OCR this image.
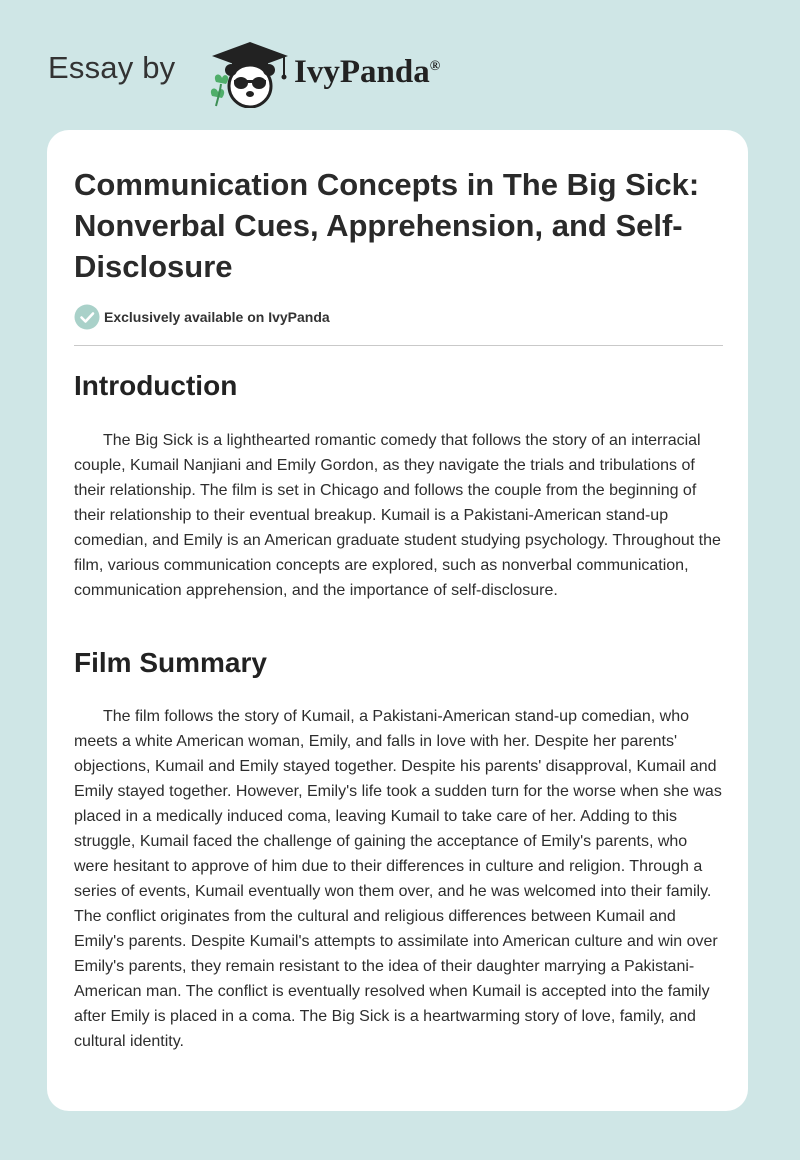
Essay by	IvyPanda®
Communication Concepts in The Big Sick: Nonverbal Cues, Apprehension, and Self-Disclosure
Exclusively available on IvyPanda
Introduction

The Big Sick is a lighthearted romantic comedy that follows the story of an interracial couple, Kumail Nanjiani and Emily Gordon, as they navigate the trials and tribulations of their relationship. The film is set in Chicago and follows the couple from the beginning of their relationship to their eventual breakup. Kumail is a Pakistani-American stand-up comedian, and Emily is an American graduate student studying psychology. Throughout the film, various communication concepts are explored, such as nonverbal communication, communication apprehension, and the importance of self-disclosure.

Film Summary

The film follows the story of Kumail, a Pakistani-American stand-up comedian, who meets a white American woman, Emily, and falls in love with her. Despite her parents' objections, Kumail and Emily stayed together. Despite his parents' disapproval, Kumail and Emily stayed together. However, Emily's life took a sudden turn for the worse when she was placed in a medically induced coma, leaving Kumail to take care of her. Adding to this struggle, Kumail faced the challenge of gaining the acceptance of Emily's parents, who were hesitant to approve of him due to their differences in culture and religion. Through a series of events, Kumail eventually won them over, and he was welcomed into their family. The conflict originates from the cultural and religious differences between Kumail and Emily's parents. Despite Kumail's attempts to assimilate into American culture and win over Emily's parents, they remain resistant to the idea of their daughter marrying a Pakistani-American man. The conflict is eventually resolved when Kumail is accepted into the family after Emily is placed in a coma. The Big Sick is a heartwarming story of love, family, and cultural identity.
